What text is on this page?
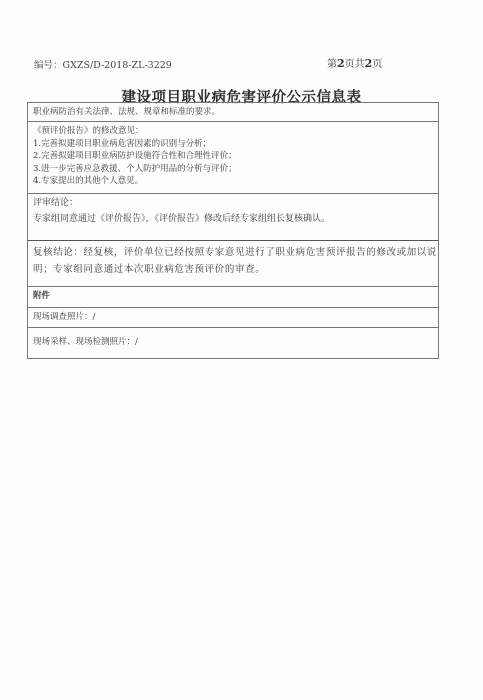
编号：GXZS/D-2018-ZL-3229	第2页共2页
建设项目职业病危害评价公示信息表

职业病防治有关法律、法规、规章和标准的要求。

《预评价报告》的修改意见：

1.完善拟建项目职业病危害因素的识别与分析；

2.完善拟建项目职业病防护设施符合性和合理性评价；

3.进一步完善应急救援、个人防护用品的分析与评价；

4.专家提出的其他个人意见。

评审结论：

专家组同意通过《评价报告》，《评价报告》修改后经专家组组长复核确认。

复核结论：经复核，评价单位已经按照专家意见进行了职业病危害预评报告的修改或加以说

明；专家组同意通过本次职业病危害预评价的审查。

附件

现场调查照片：/

现场采样、现场检测照片：/
